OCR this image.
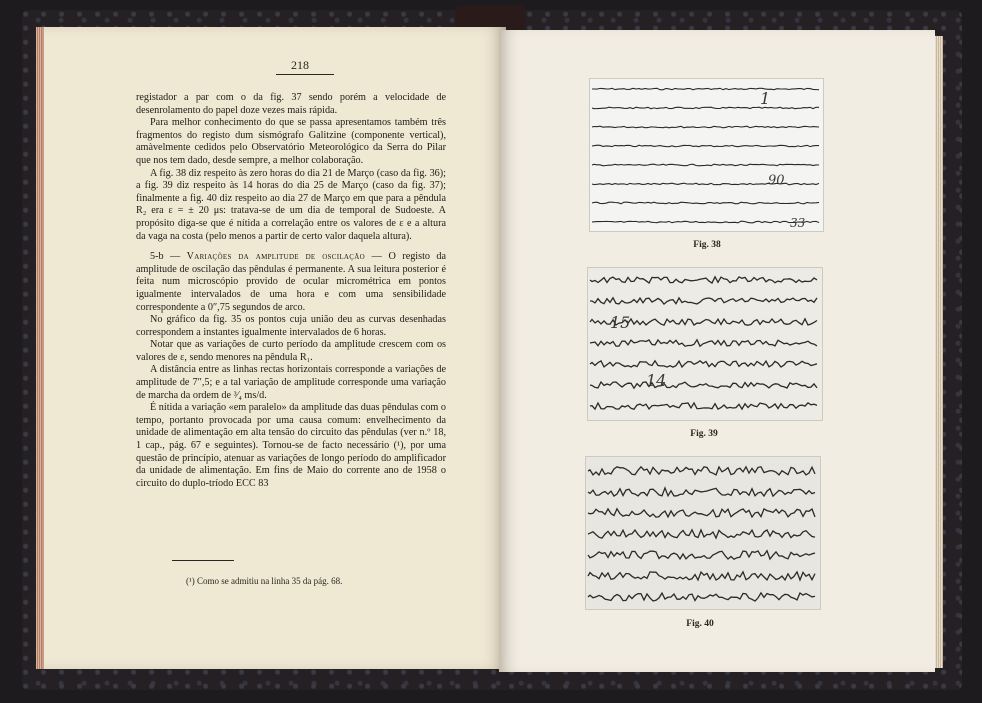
1
90
33
Fig. 38
15
14
Fig. 39
Fig. 40
218

registador a par com o da fig. 37 sendo porém a velocidade de desenrolamento do papel doze vezes mais rápida.

Para melhor conhecimento do que se passa apresentamos também três fragmentos do registo dum sismógrafo Galitzine (componente vertical), amàvelmente cedidos pelo Observatório Meteorológico da Serra do Pilar que nos tem dado, desde sempre, a melhor colaboração.

A fig. 38 diz respeito às zero horas do dia 21 de Março (caso da fig. 36); a fig. 39 diz respeito às 14 horas do dia 25 de Março (caso da fig. 37); finalmente a fig. 40 diz respeito ao dia 27 de Março em que para a pêndula R₂ era ε = ± 20 μs: tratava-se de um dia de temporal de Sudoeste. A propósito diga-se que é nítida a correlação entre os valores de ε e a altura da vaga na costa (pelo menos a partir de certo valor daquela altura).

5-b — Variações da amplitude de oscilação — O registo da amplitude de oscilação das pêndulas é permanente. A sua leitura posterior é feita num microscópio provido de ocular micrométrica em pontos igualmente intervalados de uma hora e com uma sensibilidade correspondente a 0″,75 segundos de arco.

No gráfico da fig. 35 os pontos cuja união deu as curvas desenhadas correspondem a instantes igualmente intervalados de 6 horas.

Notar que as variações de curto período da amplitude crescem com os valores de ε, sendo menores na pêndula R₁.

A distância entre as linhas rectas horizontais corresponde a variações de amplitude de 7″,5; e a tal variação de amplitude corresponde uma variação de marcha da ordem de ³⁄₄ ms/d.

É nítida a variação «em paralelo» da amplitude das duas pêndulas com o tempo, portanto provocada por uma causa comum: envelhecimento da unidade de alimentação em alta tensão do circuito das pêndulas (ver n.º 18, 1 cap., pág. 67 e seguintes). Tornou-se de facto necessário (¹), por uma questão de princípio, atenuar as variações de longo período do amplificador da unidade de alimentação. Em fins de Maio do corrente ano de 1958 o circuito do duplo-tríodo ECC 83

(¹) Como se admitiu na linha 35 da pág. 68.
